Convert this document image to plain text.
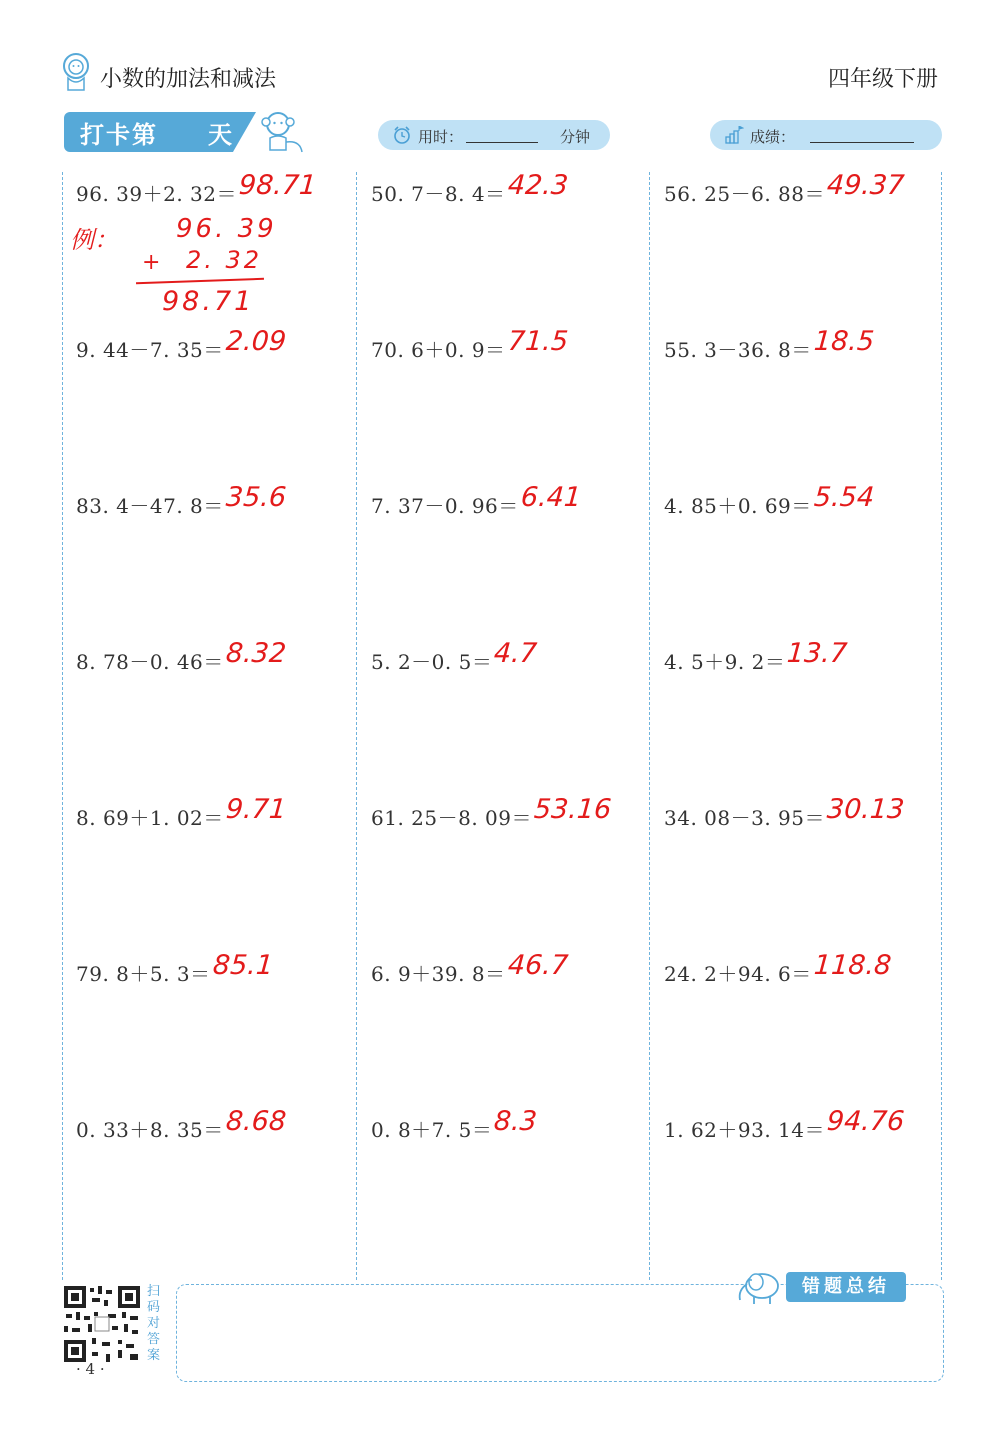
小数的加法和减法	四年级下册
打卡第 天	用时：	分钟	成绩：
96. 39＋2. 32＝ 98.71
9. 44－7. 35＝ 2.09
83. 4－47. 8＝ 35.6
8. 78－0. 46＝ 8.32
8. 69＋1. 02＝ 9.71
79. 8＋5. 3＝ 85.1
0. 33＋8. 35＝ 8.68
50. 7－8. 4＝ 42.3
70. 6＋0. 9＝ 71.5
7. 37－0. 96＝ 6.41
5. 2－0. 5＝ 4.7
61. 25－8. 09＝ 53.16
6. 9＋39. 8＝ 46.7
0. 8＋7. 5＝ 8.3
56. 25－6. 88＝ 49.37
55. 3－36. 8＝ 18.5
4. 85＋0. 69＝ 5.54
4. 5＋9. 2＝ 13.7
34. 08－3. 95＝ 30.13
24. 2＋94. 6＝ 118.8
1. 62＋93. 14＝ 94.76
例： 96. 39
+ 2. 32
98.71
扫码对答案
· 4 ·
错题总结
